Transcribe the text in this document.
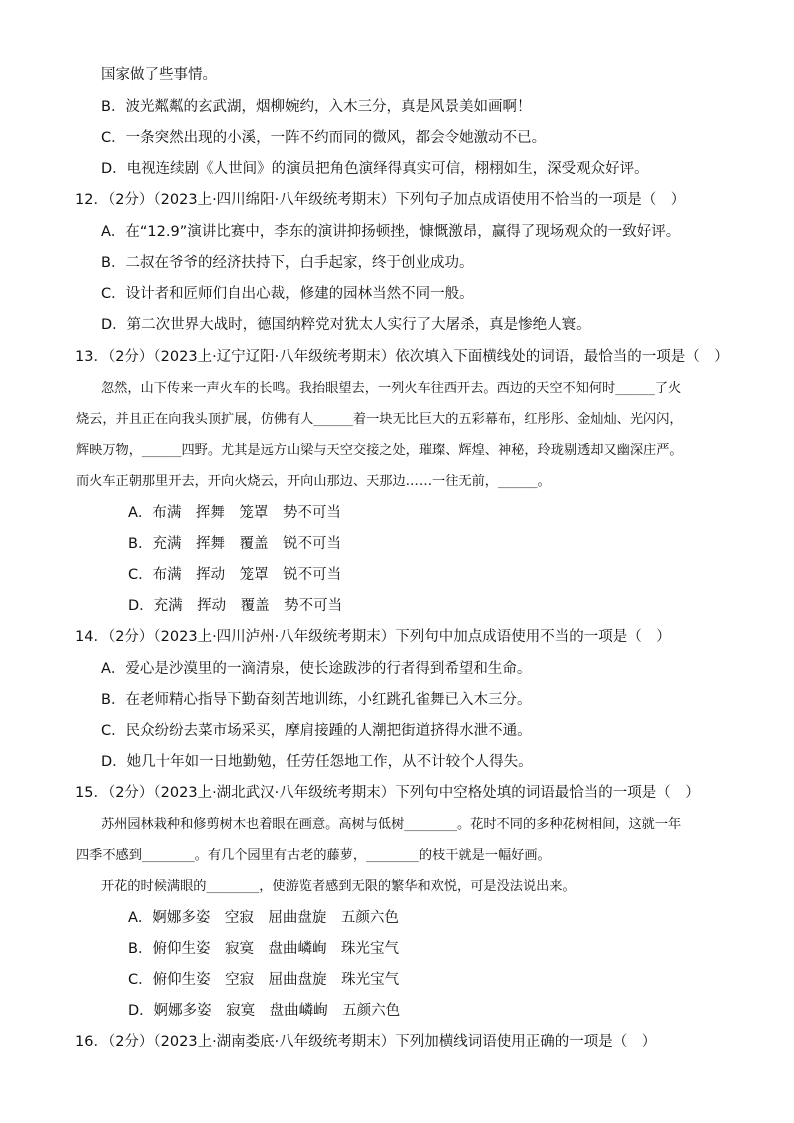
国家做了些事情。
B．波光粼粼的玄武湖，烟柳婉约，入木三分，真是风景美如画啊！
C．一条突然出现的小溪，一阵不约而同的微风，都会令她激动不已。
D．电视连续剧《人世间》的演员把角色演绎得真实可信，栩栩如生，深受观众好评。
12．（2分）（2023上·四川绵阳·八年级统考期末）下列句子加点成语使用不恰当的一项是（　）
A．在“12.9”演讲比赛中，李东的演讲抑扬顿挫，慷慨激昂，赢得了现场观众的一致好评。
B．二叔在爷爷的经济扶持下，白手起家，终于创业成功。
C．设计者和匠师们自出心裁，修建的园林当然不同一般。
D．第二次世界大战时，德国纳粹党对犹太人实行了大屠杀，真是惨绝人寰。
13．（2分）（2023上·辽宁辽阳·八年级统考期末）依次填入下面横线处的词语，最恰当的一项是（　）
忽然，山下传来一声火车的长鸣。我抬眼望去，一列火车往西开去。西边的天空不知何时______了火
烧云，并且正在向我头顶扩展，仿佛有人______着一块无比巨大的五彩幕布，红彤彤、金灿灿、光闪闪，
辉映万物，______四野。尤其是远方山梁与天空交接之处，璀璨、辉煌、神秘，玲珑剔透却又幽深庄严。
而火车正朝那里开去，开向火烧云，开向山那边、天那边……一往无前，______。
A．布满　挥舞　笼罩　势不可当
B．充满　挥舞　覆盖　锐不可当
C．布满　挥动　笼罩　锐不可当
D．充满　挥动　覆盖　势不可当
14．（2分）（2023上·四川泸州·八年级统考期末）下列句中加点成语使用不当的一项是（　）
A．爱心是沙漠里的一滴清泉，使长途跋涉的行者得到希望和生命。
B．在老师精心指导下勤奋刻苦地训练，小红跳孔雀舞已入木三分。
C．民众纷纷去菜市场采买，摩肩接踵的人潮把街道挤得水泄不通。
D．她几十年如一日地勤勉，任劳任怨地工作，从不计较个人得失。
15．（2分）（2023上·湖北武汉·八年级统考期末）下列句中空格处填的词语最恰当的一项是（　）
苏州园林栽种和修剪树木也着眼在画意。高树与低树________。花时不同的多种花树相间，这就一年
四季不感到________。有几个园里有古老的藤萝，________的枝干就是一幅好画。
开花的时候满眼的________，使游览者感到无限的繁华和欢悦，可是没法说出来。
A．婀娜多姿　空寂　屈曲盘旋　五颜六色
B．俯仰生姿　寂寞　盘曲嶙峋　珠光宝气
C．俯仰生姿　空寂　屈曲盘旋　珠光宝气
D．婀娜多姿　寂寞　盘曲嶙峋　五颜六色
16．（2分）（2023上·湖南娄底·八年级统考期末）下列加横线词语使用正确的一项是（　）
